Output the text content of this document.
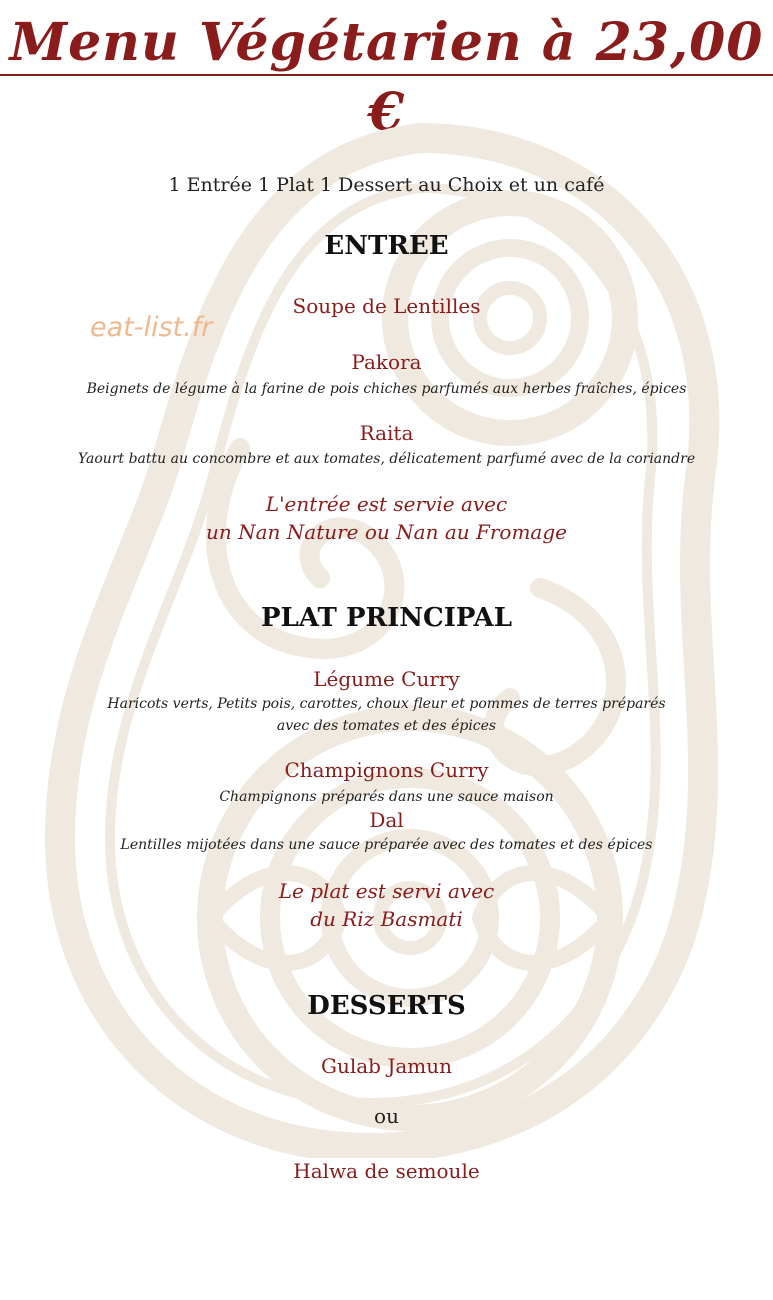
Menu Végétarien à 23,00 €
eat-list.fr

1 Entrée 1 Plat 1 Dessert au Choix et un café

ENTREE

Soupe de Lentilles

Pakora

Beignets de légume à la farine de pois chiches parfumés aux herbes fraîches, épices

Raita

Yaourt battu au concombre et aux tomates, délicatement parfumé avec de la coriandre

L'entrée est servie avec

un Nan Nature ou Nan au Fromage

PLAT PRINCIPAL

Légume Curry

Haricots verts, Petits pois, carottes, choux fleur et pommes de terres préparés

avec des tomates et des épices

Champignons Curry

Champignons préparés dans une sauce maison

Dal

Lentilles mijotées dans une sauce préparée avec des tomates et des épices

Le plat est servi avec

du Riz Basmati

DESSERTS

Gulab Jamun

ou

Halwa de semoule
